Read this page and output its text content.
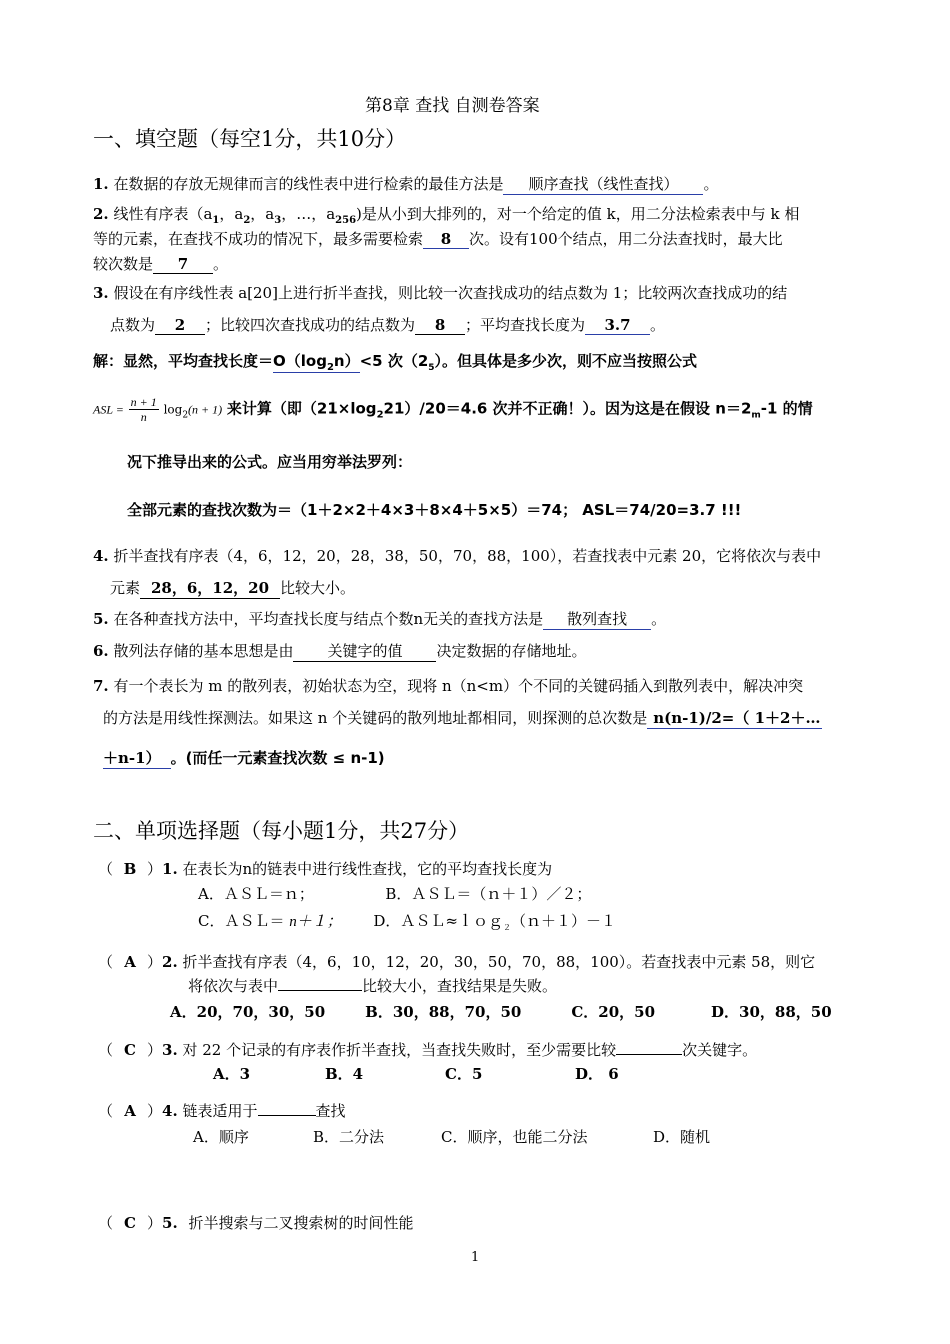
第8章 查找 自测卷答案
一、填空题（每空1分，共10分）
1. 在数据的存放无规律而言的线性表中进行检索的最佳方法是 顺序查找（线性查找） 。
2. 线性有序表（$a_1$，$a_2$，$a_3$，…，$a_{256}$)是从小到大排列的，对一个给定的值 k，用二分法检索表中与 k 相
等的元素，在查找不成功的情况下，最多需要检索 8 次。设有100个结点，用二分法查找时，最大比
较次数是 7 。
3. 假设在有序线性表 a[20]上进行折半查找，则比较一次查找成功的结点数为 1；比较两次查找成功的结
点数为 2 ；比较四次查找成功的结点数为 8 ；平均查找长度为 3.7 。
解：显然，平均查找长度$=O(\log_2n)<5$ 次$(2_5)$。但具体是多少次，则不应当按照公式
ASL = $\frac{n + 1}{n} \log_2(n + 1)$ 来计算（即$(21\times\log_221)/20=4.6$ 次并不正确！）。因为这是在假设 $n=2_m-1$ 的情
况下推导出来的公式。应当用穷举法罗列：
全部元素的查找次数为＝（1＋2×2＋4×3＋8×4＋5×5）＝74； ASL＝74/20=3.7 !!!
4. 折半查找有序表（4，6，12，20，28，38，50，70，88，100），若查找表中元素 20，它将依次与表中
元素 28，6，12，20 比较大小。
5. 在各种查找方法中，平均查找长度与结点个数n无关的查找方法是 散列查找 。
6. 散列法存储的基本思想是由 关键字的值 决定数据的存储地址。
7. 有一个表长为 m 的散列表，初始状态为空，现将 n（n<m）个不同的关键码插入到散列表中，解决冲突
的方法是用线性探测法。如果这 n 个关键码的散列地址都相同，则探测的总次数是 n(n-1)/2=（ 1＋2＋…
＋n-1） 。(而任一元素查找次数 ≤ n-1)
二、单项选择题（每小题1分，共27分）
（ B ）1. 在表长为n的链表中进行线性查找，它的平均查找长度为
A．ＡＳＬ＝ｎ；	B．ＡＳＬ＝（ｎ＋１）／２；
C．ＡＳＬ＝ n＋１； D．ＡＳＬ≈ｌｏｇ$_2$（ｎ＋１）－１
（ A ）2. 折半查找有序表（4，6，10，12，20，30，50，70，88，100）。若查找表中元素 58，则它
将依次与表中	比较大小，查找结果是失败。
A．20，70，30，50	B．30，88，70，50	C．20，50	D．30，88，50
（ C ）3. 对 22 个记录的有序表作折半查找，当查找失败时，至少需要比较	次关键字。
A．3	B．4	C．5	D． 6
（ A ）4. 链表适用于	查找
A．顺序	B．二分法	C．顺序，也能二分法	D．随机
（ C ）5. 折半搜索与二叉搜索树的时间性能
1
